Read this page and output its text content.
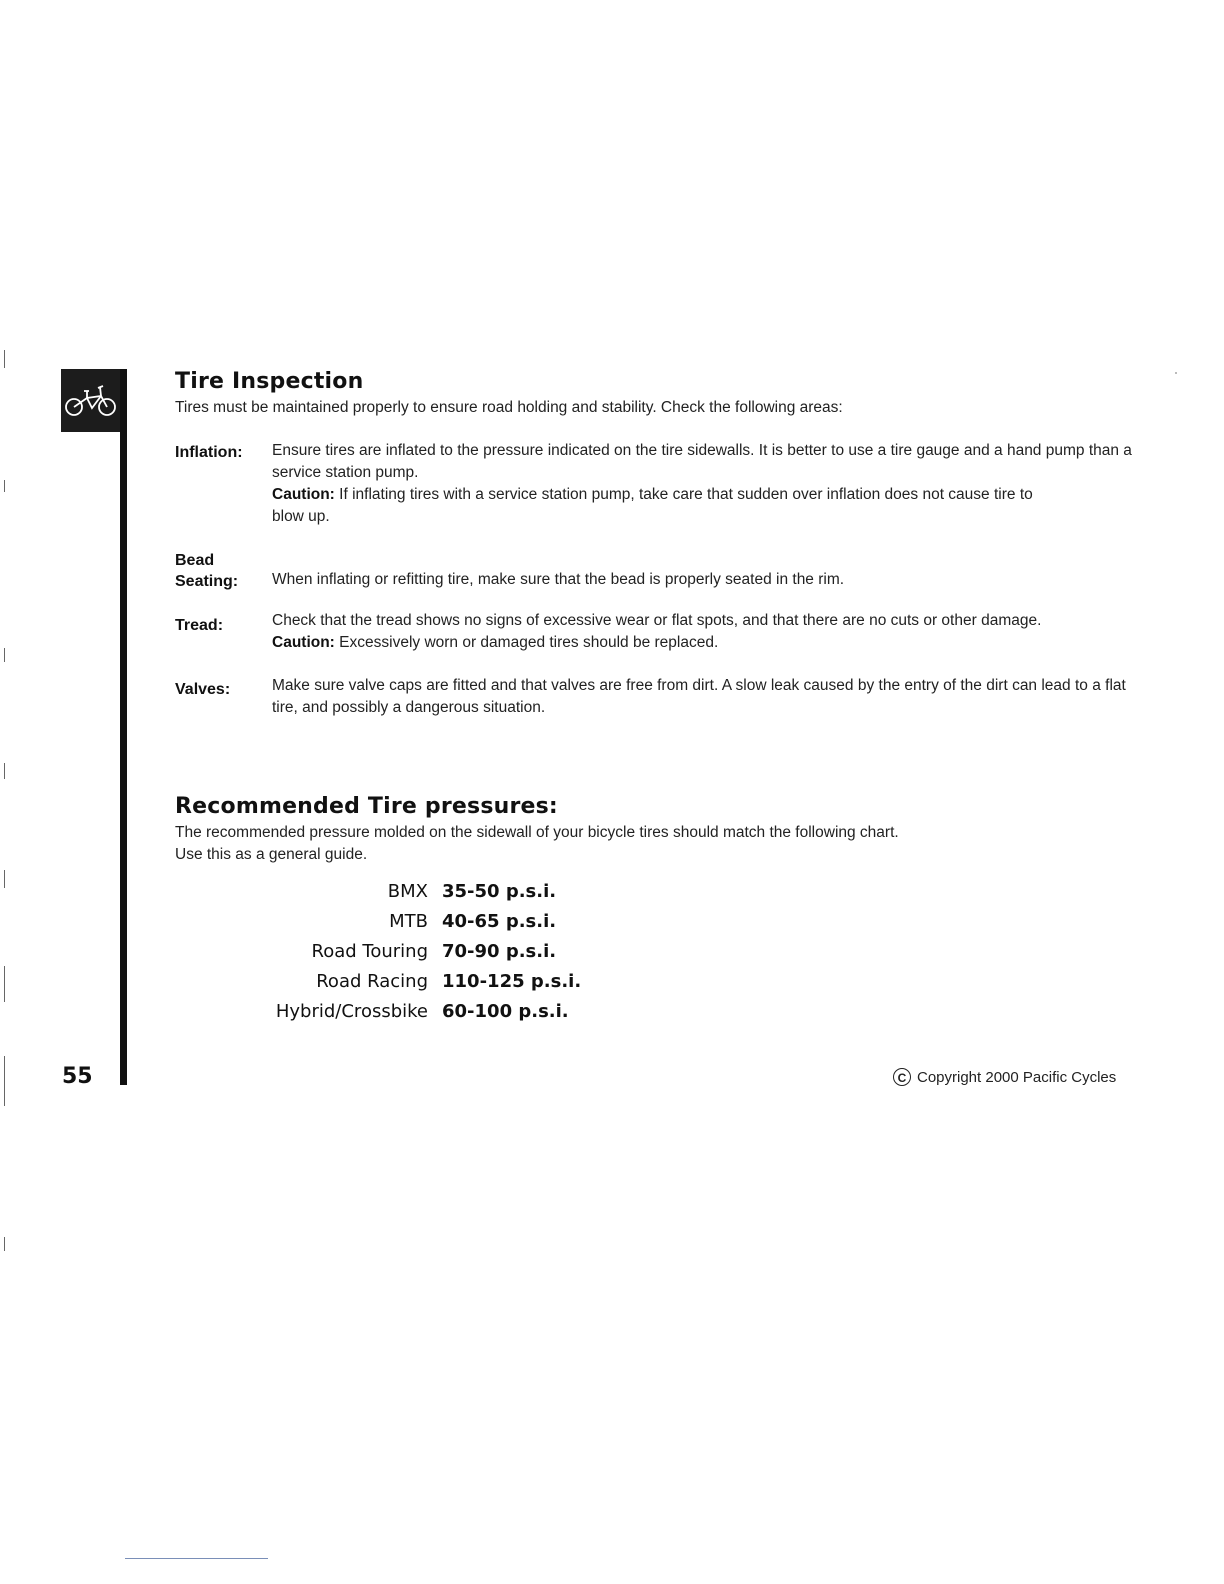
Tire Inspection
Tires must be maintained properly to ensure road holding and stability. Check the following areas:
Inflation: Ensure tires are inflated to the pressure indicated on the tire sidewalls. It is better to use a tire gauge and a hand pump than a service station pump.
Caution: If inflating tires with a service station pump, take care that sudden over inflation does not cause tire to blow up.
Bead
Seating: When inflating or refitting tire, make sure that the bead is properly seated in the rim.
Tread:	Check that the tread shows no signs of excessive wear or flat spots, and that there are no cuts or other damage.
Caution: Excessively worn or damaged tires should be replaced.
Valves:	Make sure valve caps are fitted and that valves are free from dirt. A slow leak caused by the entry of the dirt can lead to a flat tire, and possibly a dangerous situation.
Recommended Tire pressures:
The recommended pressure molded on the sidewall of your bicycle tires should match the following chart.
Use this as a general guide.
BMX	35-50 p.s.i.
MTB	40-65 p.s.i.
Road Touring	70-90 p.s.i.
Road Racing	110-125 p.s.i.
Hybrid/Crossbike	60-100 p.s.i.
55	C Copyright 2000 Pacific Cycles
